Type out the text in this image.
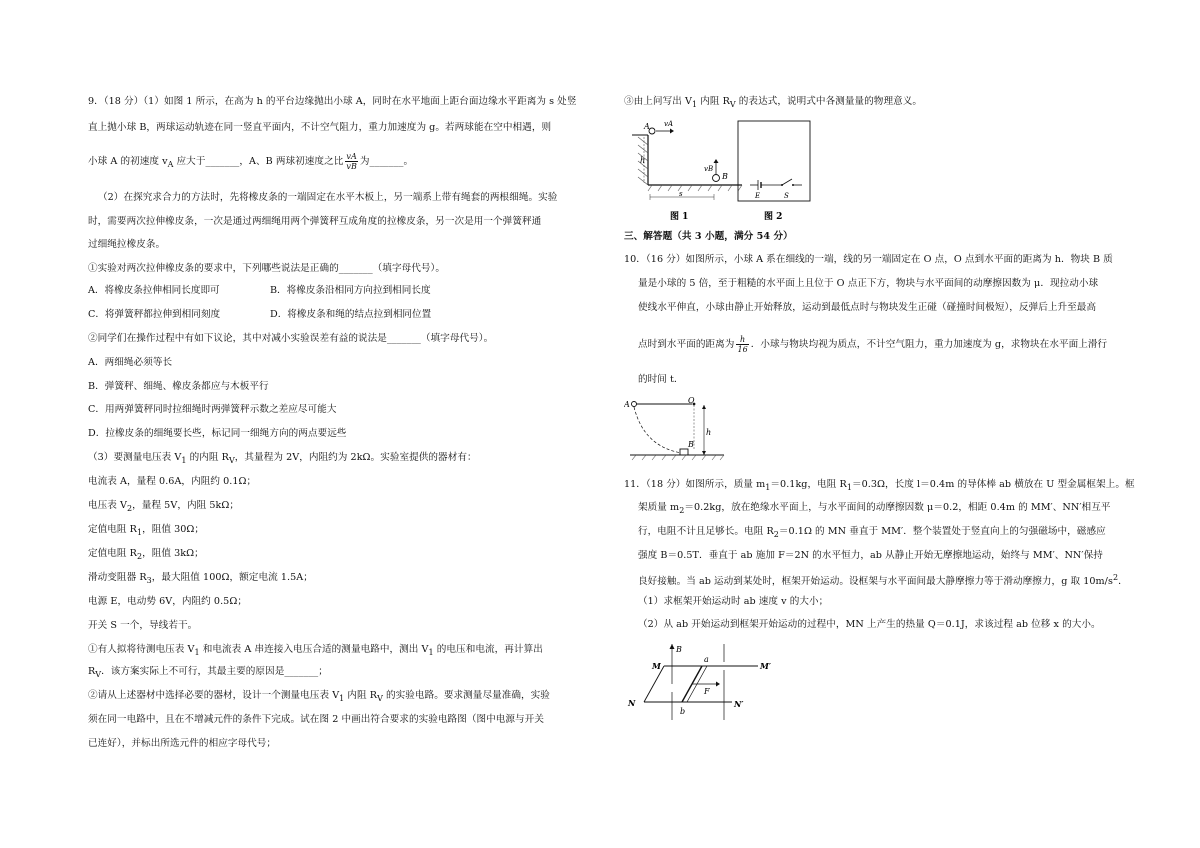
9．（18 分）（1）如图 1 所示，在高为 h 的平台边缘抛出小球 A，同时在水平地面上距台面边缘水平距离为 s 处竖
直上抛小球 B，两球运动轨迹在同一竖直平面内，不计空气阻力，重力加速度为 g。若两球能在空中相遇，则
小球 A 的初速度 $v_A$ 应大于_______，A、B 两球初速度之比 $\frac{vA}{vB}$ 为_______。
（2）在探究求合力的方法时，先将橡皮条的一端固定在水平木板上，另一端系上带有绳套的两根细绳。实验
时，需要两次拉伸橡皮条，一次是通过两细绳用两个弹簧秤互成角度的拉橡皮条，另一次是用一个弹簧秤通
过细绳拉橡皮条。
①实验对两次拉伸橡皮条的要求中，下列哪些说法是正确的_______（填字母代号）。
A．将橡皮条拉伸相同长度即可	B．将橡皮条沿相同方向拉到相同长度
C．将弹簧秤都拉伸到相同刻度	D．将橡皮条和绳的结点拉到相同位置
②同学们在操作过程中有如下议论，其中对减小实验误差有益的说法是_______（填字母代号）。
A．两细绳必须等长
B．弹簧秤、细绳、橡皮条都应与木板平行
C．用两弹簧秤同时拉细绳时两弹簧秤示数之差应尽可能大
D．拉橡皮条的细绳要长些，标记同一细绳方向的两点要远些
（3）要测量电压表 $V_1$ 的内阻 $R_V$，其量程为 2V，内阻约为 2kΩ。实验室提供的器材有：
电流表 A，量程 0.6A，内阻约 0.1Ω；
电压表 $V_2$，量程 5V，内阻 5kΩ；
定值电阻 $R_1$，阻值 30Ω；
定值电阻 $R_2$，阻值 3kΩ；
滑动变阻器 $R_3$，最大阻值 100Ω，额定电流 1.5A；
电源 E，电动势 6V，内阻约 0.5Ω；
开关 S 一个，导线若干。
①有人拟将待测电压表 $V_1$ 和电流表 A 串连接入电压合适的测量电路中，测出 $V_1$ 的电压和电流，再计算出
$R_V$．该方案实际上不可行，其最主要的原因是_______；
②请从上述器材中选择必要的器材，设计一个测量电压表 $V_1$ 内阻 $R_V$ 的实验电路。要求测量尽量准确，实验
须在同一电路中，且在不增减元件的条件下完成。试在图 2 中画出符合要求的实验电路图（图中电源与开关
已连好），并标出所选元件的相应字母代号；
③由上问写出 $V_1$ 内阻 $R_V$ 的表达式，说明式中各测量量的物理意义。
A vA
h
vB
B
s
图 1
E	S
图 2
三、解答题（共 3 小题，满分 54 分）
10．（16 分）如图所示，小球 A 系在细线的一端，线的另一端固定在 O 点，O 点到水平面的距离为 h．物块 B 质
量是小球的 5 倍，至于粗糙的水平面上且位于 O 点正下方，物块与水平面间的动摩擦因数为 μ．现拉动小球
使线水平伸直，小球由静止开始释放，运动到最低点时与物块发生正碰（碰撞时间极短），反弹后上升至最高
点时到水平面的距离为 $\frac{h}{16}$ ．小球与物块均视为质点，不计空气阻力，重力加速度为 g，求物块在水平面上滑行
的时间 t．
A	O
h
B
11．（18 分）如图所示，质量 $m_1=0.1kg$，电阻 $R_1=0.3\Omega$，长度 l＝0.4m 的导体棒 ab 横放在 U 型金属框架上。框
架质量 $m_2=0.2kg$，放在绝缘水平面上，与水平面间的动摩擦因数 μ＝0.2，相距 0.4m 的 MM′、NN′相互平
行，电阻不计且足够长。电阻 $R_2=0.1\Omega$ 的 MN 垂直于 MM′．整个装置处于竖直向上的匀强磁场中，磁感应
强度 B＝0.5T．垂直于 ab 施加 F＝2N 的水平恒力，ab 从静止开始无摩擦地运动，始终与 MM′、NN′保持
良好接触。当 ab 运动到某处时，框架开始运动。设框架与水平面间最大静摩擦力等于滑动摩擦力，g 取 $10m/s^2$．
（1）求框架开始运动时 ab 速度 v 的大小；
（2）从 ab 开始运动到框架开始运动的过程中，MN 上产生的热量 Q＝0.1J，求该过程 ab 位移 x 的大小。
M
B
a
M′
F
N
b
N′
